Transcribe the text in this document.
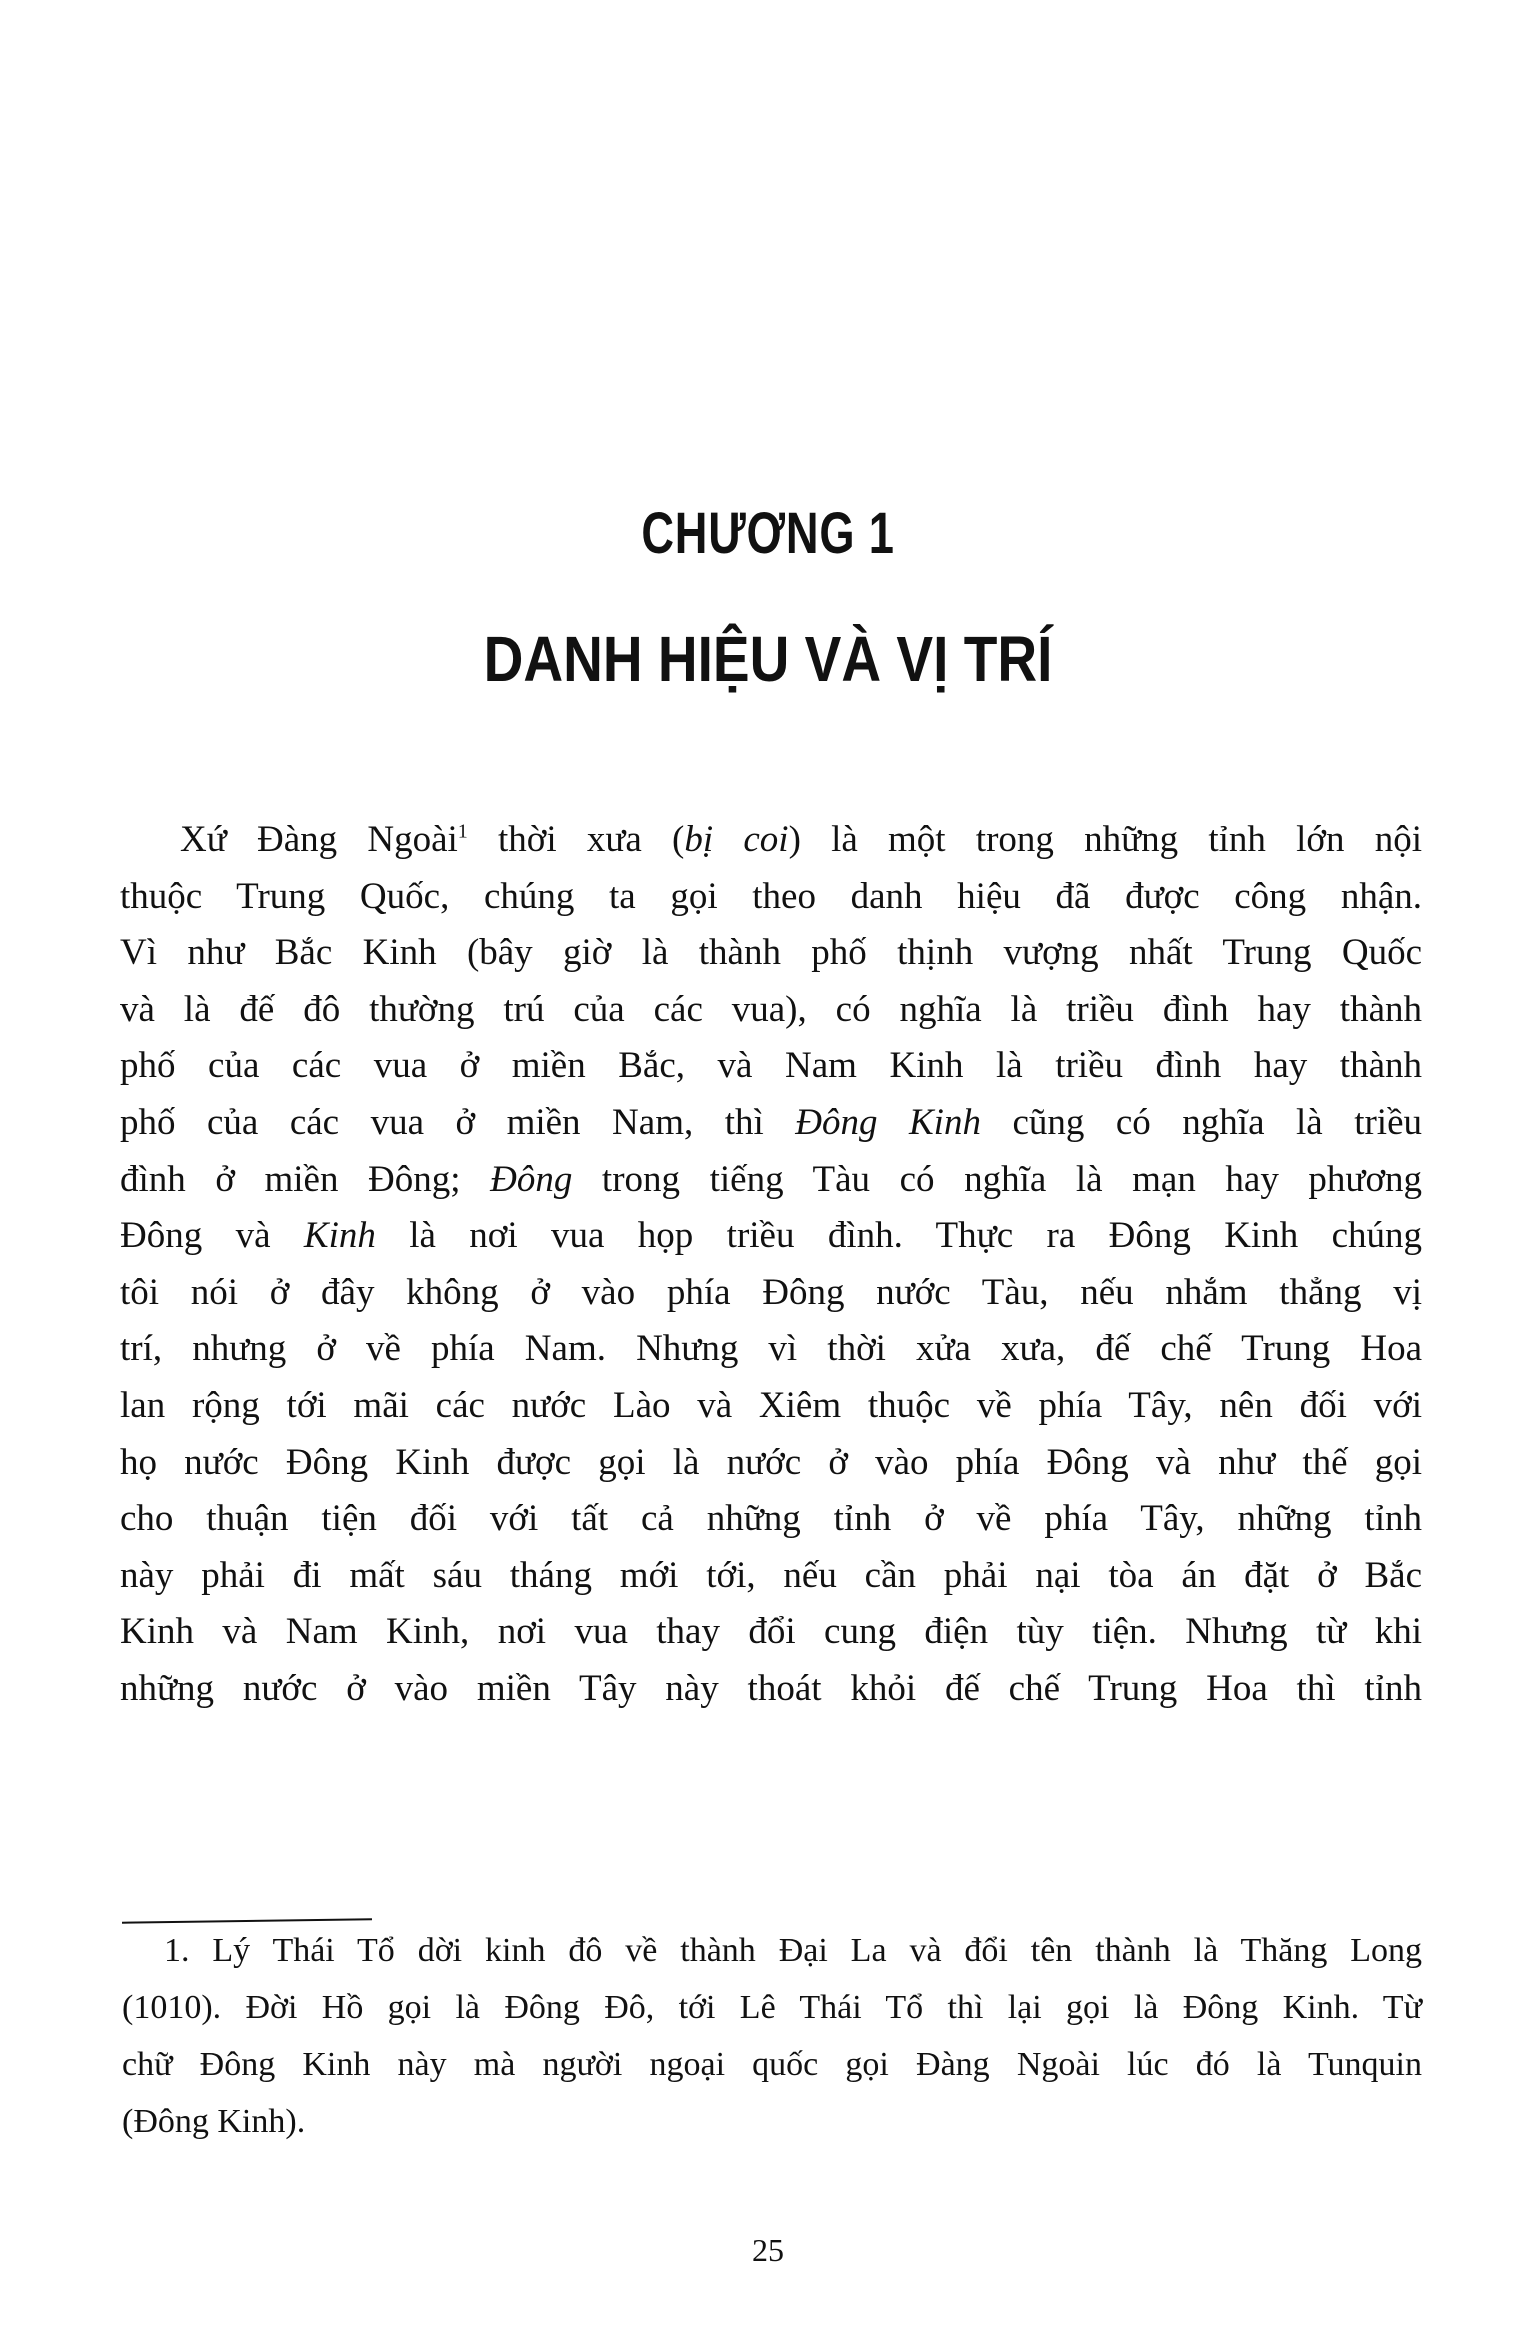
CHƯƠNG 1
DANH HIỆU VÀ VỊ TRÍ
Xứ Đàng Ngoài$^1$ thời xưa (bị coi) là một trong những tỉnh lớn nội
thuộc Trung Quốc, chúng ta gọi theo danh hiệu đã được công nhận.
Vì như Bắc Kinh (bây giờ là thành phố thịnh vượng nhất Trung Quốc
và là đế đô thường trú của các vua), có nghĩa là triều đình hay thành
phố của các vua ở miền Bắc, và Nam Kinh là triều đình hay thành
phố của các vua ở miền Nam, thì Đông Kinh cũng có nghĩa là triều
đình ở miền Đông; Đông trong tiếng Tàu có nghĩa là mạn hay phương
Đông và Kinh là nơi vua họp triều đình. Thực ra Đông Kinh chúng
tôi nói ở đây không ở vào phía Đông nước Tàu, nếu nhắm thẳng vị
trí, nhưng ở về phía Nam. Nhưng vì thời xửa xưa, đế chế Trung Hoa
lan rộng tới mãi các nước Lào và Xiêm thuộc về phía Tây, nên đối với
họ nước Đông Kinh được gọi là nước ở vào phía Đông và như thế gọi
cho thuận tiện đối với tất cả những tỉnh ở về phía Tây, những tỉnh
này phải đi mất sáu tháng mới tới, nếu cần phải nại tòa án đặt ở Bắc
Kinh và Nam Kinh, nơi vua thay đổi cung điện tùy tiện. Nhưng từ khi
những nước ở vào miền Tây này thoát khỏi đế chế Trung Hoa thì tỉnh
1. Lý Thái Tổ dời kinh đô về thành Đại La và đổi tên thành là Thăng Long
(1010). Đời Hồ gọi là Đông Đô, tới Lê Thái Tổ thì lại gọi là Đông Kinh. Từ
chữ Đông Kinh này mà người ngoại quốc gọi Đàng Ngoài lúc đó là Tunquin
(Đông Kinh).
25
